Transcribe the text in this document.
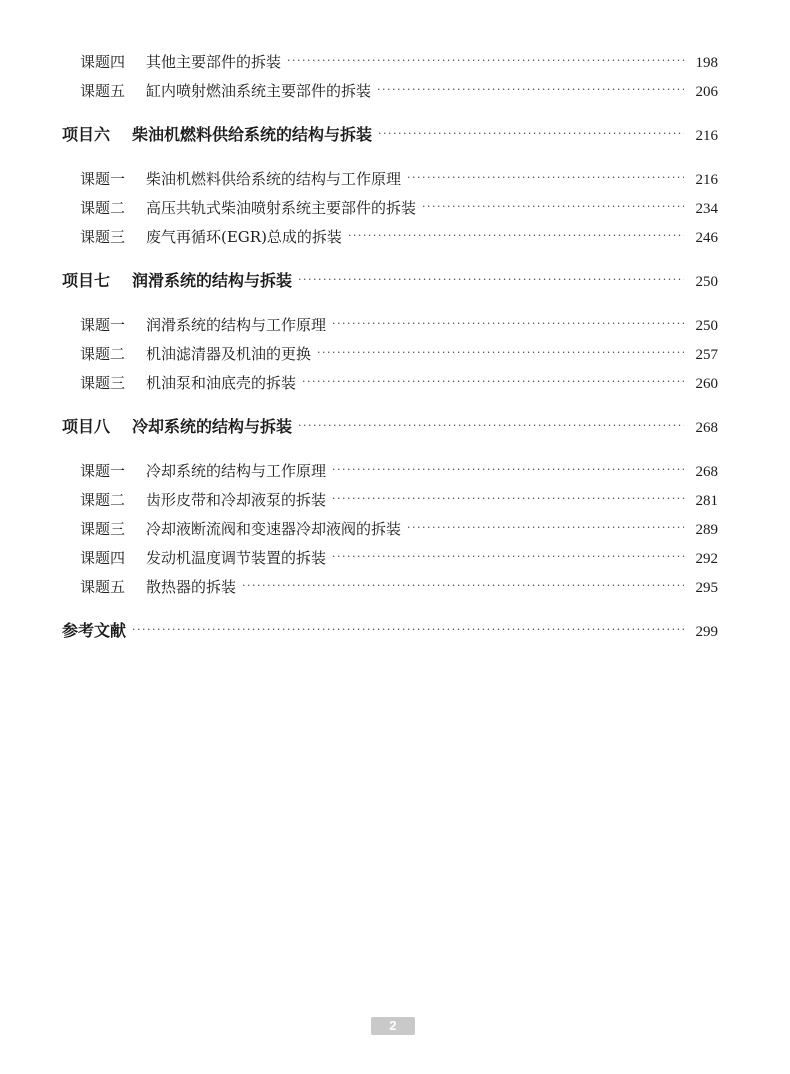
课题四	其他主要部件的拆装 ·····	198
课题五	缸内喷射燃油系统主要部件的拆装 ·····	206
项目六	柴油机燃料供给系统的结构与拆装 ·····	216
课题一	柴油机燃料供给系统的结构与工作原理 ·····	216
课题二	高压共轨式柴油喷射系统主要部件的拆装 ·····	234
课题三	废气再循环(EGR)总成的拆装 ·····	246
项目七	润滑系统的结构与拆装 ·····	250
课题一	润滑系统的结构与工作原理 ·····	250
课题二	机油滤清器及机油的更换 ·····	257
课题三	机油泵和油底壳的拆装 ·····	260
项目八	冷却系统的结构与拆装 ·····	268
课题一	冷却系统的结构与工作原理 ·····	268
课题二	齿形皮带和冷却液泵的拆装 ·····	281
课题三	冷却液断流阀和变速器冷却液阀的拆装 ·····	289
课题四	发动机温度调节装置的拆装 ·····	292
课题五	散热器的拆装 ·····	295
参考文献 ·····	299
2
